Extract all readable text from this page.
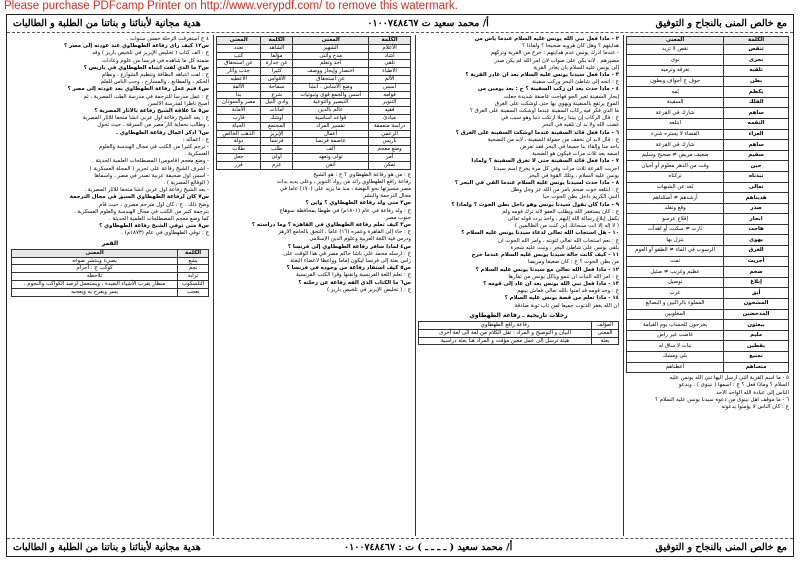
Please purchase PDFcamp Printer on http://www.verypdf.com/ to remove this watermark.
مع خالص المنى بالنجاح و التوفيق
أ/ محمد سعيد ت ٠١٠٠٧٤٨٤٦٧
هدية مجانية لأبنائنا و بناتنا من الطلبة و الطالبات
الكلمة	المعنى
تنقص	نقص لا تزيد
نجرى	نوى
تلقيه	تغرقه وترميه
بطن	جوف ج أجواف وبطون
يكظم	يُمه
الفلك	السفينة
ساهم	شارك في القرعة
التقمه	ابتلعه
العراء	الفضاء لا يستره شيء
ساهم	شارك في القرعة
سقيم	ضعيف مريض ≠ صحيح وسليم
حين	وقت من الدهر معلوم أو أحيان
نبذناه	تركناه
تعالى	بُعد عن الشبهات
هديناهم	أرشدهم ≠ أضللناهم
صدر	وقع وتقلد
ابحار	إقلاع عرسو
هاجت	ثارت ≠ سكنت أو اهدأت
يهوى	يتزل بها
الغرق	الرسوب في الماء ≠ الطفو أو العوم
أجريت	تمت
ضخم	عظيم وغريب ≠ ضئيل
إبلاغ	توصيل
أبق	عرب
المشحون	المملوء بالراكبين و البضائع
المدحضين	المغلوبين
يبعثون	يخرجون للحساب يوم القيامة
مليم	غاضب غير راض
يقطين	نبات لا ساق له
تمتيع	بلى ومشك
متعناهم	أعطناهم

٥ - ما اسم القرية التي أرسل اليها نبي الله يونس عليه

السلام ؟ وماذا فعل ؟ ج : أسمها ( نينوى ) . وبدعو

الناس إلى عبادة الله الواحد الأحد

٦ - ما موقف أهل نينوى من دعوة سيدنا يونس عليه السلام ؟

ج : كان الناس لا يؤمنوا بدعوته

٢ - ماذا فعل نبي الله يونس عليه السلام عندما يأس من

هدايتهم ؟ وهل كان هروبه صحيحا ؟ ولماذا ؟

- عندما أدرك يونس عدم هدايتهم : خرج من القرية وتركهم

مصيرهم . لأنه يكن على صواب لأن أمر الله لم يكن صدر

إلى يونس عليه السلام بأن يغادر القرية

٣ - ماذا فعل سيدنا يونس عليه السلام بعد أن غادر القرية ؟

ج : اتجه إلى شاطئ البحر وركب سفينة

٤ - ماذا حدث بعد أن ركب السفينة ؟ ج : بعد يومين من

إبحار السفينة تغير الجو فهاجت عاصفة شديدة جعلت

الموج يرتفع بالسفينة ويهوي بها حتى أوشكت على الغرق

ما الذي فكر فيه ركاب السفينة عندما أوشكت السفينة على الغرق ؟

ج : قال الركاب إن بيننا رجلا ارتكب ذنبا وهو سبب في

غضب الله ولا بد أن نلقيه في البحر

٦ - ماذا فعل قائد السفينة عندما أوشكت السفينة على الغرق ؟

ج : قال لابد أن نخفف من حمولة السفينة ، لابد من التضحية

بأحد منا وإلقاء بنا جميعا في البحر فقد تعرض

اسمه بعد ثلاث مرات فيكون هو الضحية

٧ - ماذا فعل قائد السفينة حتى لا تغرق السفينة ؟ ولماذا

أجريت القرعة ثلاث مرات وفي كل مرة يخرج اسم سيدنا

يونس عليه السلام ، وتلك القوة في البحر

٨ - ماذا حدث لسيدنا يونس عليه السلام عندما ألقي في البحر ؟

ج : ابتلعه حوت ضخم بأمر من الله عز وجل وظل

النبي الكريم داخل بطن الحوت حيا

٩ - ماذا كان يقول سيدنا يونس وهو داخل بطن الحوت ؟ ولماذا ؟

ج : كان يستغفر الله ويطلب العفو لأنه ترك قومه ولم

يكمل إبلاغ رسالة الله إليهم ، وأخذ يردد قوله تعالى

( لا إله إلا أنت سبحانك إني كنت من الظالمين )

١٠ - هل استجاب الله تعالى لدعاء سيدنا يونس عليه السلام ؟

ج : نعم استجاب الله تعالى لتوبته ، وأمر الله الحوت أن

يلقى يونس على شاطئ البحر ، ونبت عليه شجرة

١١ - كيف كانت حالة سيدنا يونس عليه السلام عندما خرج

من بطن الحوت ؟ ج : كان ضعيفا ومريضا

١٢ - ماذا فعل الله تعالى مع سيدنا يونس عليه السلام ؟

ج : أمر الله النبات أن تنمو ويأكل يونس من ثمارها

١٣ - ماذا فعل نبي الله يونس بعد أن عاد إلى قومه ؟

ج : وجد قومه قد آمنوا بالله تعالى فعاش بينهم

١٤ - ماذا تعلم من قصة يونس عليه السلام ؟

أن الله يغفر الذنوب جميعا لمن تاب توبة صادقة

رحلات تاريخية ـ رفاعة الطهطاوي
المؤلف	رفاعة رافع الطهطاوي
المعنى	البيان و التوضيح و المراد : تقل الكلام من لغة الى لغة أخرى
بعثة	هيئة ترسل الى عمل معين مؤقت و المراد هنا بعثة دراسية
الكلمة	المعنى	الكلمة	المعنى
الأعلام	الشهير	الشاهد	تعدد
أشاد	مدح وأثنى	مؤلفا	كتب
تلقي	أخذ وتعلم	عن جدارة	عن استحقاق
الأطباء	اختصار وإيجاز ووصف	كثيرا	جذب وأثار
الألم	عن استحقاق	الأقواس	الأعطيه
أسس	وضع الأساس . أنشأ	سماحة	الألفة
قوامه	أسس والجمع قوى وثبوتيات	شرع	بدأ
التنوير	التبصير والتوعية	وادي النيل	مصر والسودان
فقيه	عالم بالدين	أمانات	الأمانة
مبادئ	قواعد أساسية	أوشك	قارب
دراسة متعمقة	تفسير المراد	المجتمع	الحياة
الزعمي	أعمال	الإبريز	الذهب الخالص
باريس	عاصمة فرنسا	فرنسا	دولة
وضع معجم	ألف	طلب	طلاب
أمر	تولى وتعهد	أولى	جعل
تمكن	أتقن	عزم	قرر

ج : من هو رفاعة الطهطاوي ؟ ج : هو الشيخ

رفاعة رافع الطهطاوي رائد من رواد التنوير ، وعلى يديه بدأت

مصر مسيرتها نحو النهضة ، منذ ما يزيد على (١٧٠) عاما في

مجال الترجمة والنشر

س٢ متى ولد رفاعة الطهطاوي ؟ وأين ؟

ج : ولد رفاعة في عام (١٨٠١م) في طهطا بمحافظة سوهاج

جنوب مصر

س٣ كيف تعلم رفاعة الطهطاوي في القاهرة ؟ وما دراسته ؟

ج : جاء إلى القاهرة وعمره (١٦) عاما ، التحق بالجامع الأزهر

ودرس فيه اللغة العربية وعلوم الدين الإسلامي

س٤ لماذا سافر رفاعة الطهطاوي إلى فرنسا ؟

ج : أرسله محمد علي باشا حاكم مصر في هذا الوقت على

رأس بعثة إلى فرنسا ليكون إماما وواعظا لأعضاء البعثة

س٥ كيف استفاد رفاعة من وجوده في فرنسا ؟

ج : تعلم اللغة الفرنسية وأتقنها وقرأ الكتب الفرنسية

س٦ ما الكتاب الذي ألفه رفاعة عن رحلته ؟

ج : ( تخليص الإبريز في تلخيص باريز )

٤ ج استغرقت الرحلة خمس سنوات .

س١٢ كيف رأى رفاعة الطهطاوي عند عودته إلى مصر ؟

ج : ألف كتاب ( تخليص الإبريز في تلخيص باريز ) وقد

ضمنه كل ما شاهده في فرنسا من علوم وعادات

س٣ ما الذي لفت انتباه الطهطاوي في باريس ؟

ج : لفت انتباهه النظافة وتنظيم الشوارع ، ونظام

الحكم ، والمطابع ، والمسارح ، وحب الناس للعلم

س٤ فيم عمل رفاعة الطهطاوي بعد عودته إلى مصر ؟

ج : عمل مدرسا للترجمة في مدرسة الطب المصرية ، ثم

أصبح ناظرا لمدرسة الألسن

س٥ ما علاقة الشيخ رفاعة بالآثار المصرية ؟

ج : يعد الشيخ رفاعة أول عربي أنشأ متحفا للآثار المصرية

، وطالب بحماية آثار مصر من السرقة ، حيث تحول

س٦ اذكر أعمال رفاعة الطهطاوي .

ج : أعماله :

- ترجم كثيرا من الكتب في مجال الهندسة والعلوم

العسكرية .

- وضع معجم (قاموس) المصطلحات العلمية الحديثة .

- أشرف الشيخ رفاعة على تحرير ( المجلة العسكرية )

- أسس أول صحيفة عربية تصدر في مصر ، وأسماها

( الوقائع المصرية ) .

- يعد الشيخ رفاعة أول عربي أنشأ متحفا للآثار المصرية .

س٧ كان لرفاعة الطهطاوي السبق في مجال الترجمة

وضح ذلك . ج : كان أول مترجم مصري ، حيث قام

بترجمة كثير من الكتب في مجال الهندسة والعلوم العسكرية .

كما وضع معجم المصطلحات العلمية الحديثة .

س٨ متى توفي الشيخ رفاعة الطهطاوي ؟

ج : توفي الطهطاوي في عام (١٨٧٣م) .

القمر
الكلمة	المعنى
يشع	يضيء وينتشر ضوءه
نجم	كوكب ج : أجرام
ترابه	تلاحظه
التلسكوب	منظار يقرب الأشياء البعيدة ، ويستعمل لرصد الكواكب والنجوم .
يعجب	يسر ويفرح به ويعجبه
مع خالص المنى بالنجاح و التوفيق
أ/ محمد سعيد ( ـ ـ ـ ـ ) ت : ٠١٠٠٧٤٨٤٦٧
هدية مجانية لأبنائنا و بناتنا من الطلبة و الطالبات
